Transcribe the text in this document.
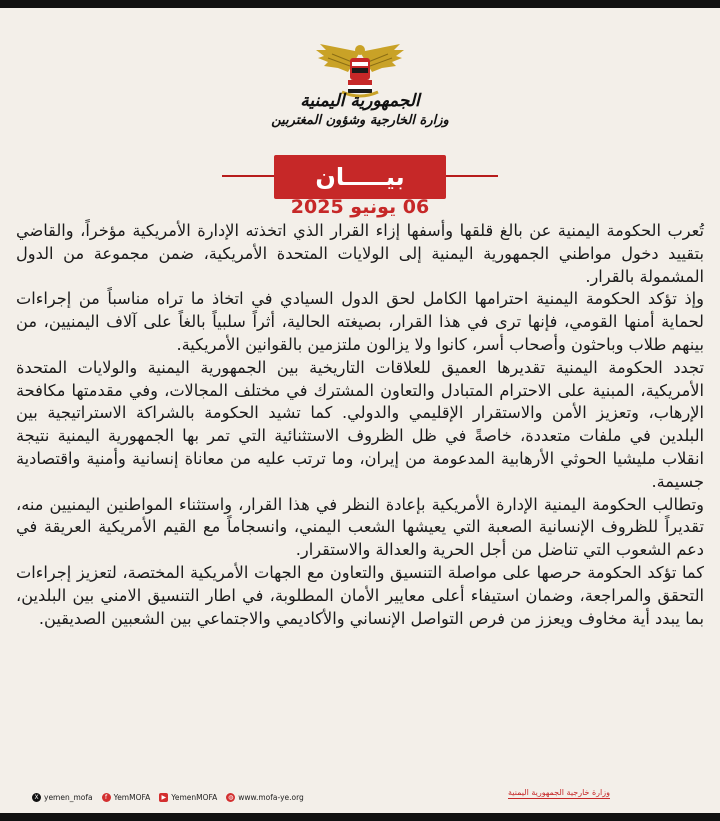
الجمهورية اليمنية
وزارة الخارجية وشؤون المغتربين
بيـــــان
06 يونيو 2025

تُعرب الحكومة اليمنية عن بالغ قلقها وأسفها إزاء القرار الذي اتخذته الإدارة الأمريكية مؤخراً، والقاضي بتقييد دخول مواطني الجمهورية اليمنية إلى الولايات المتحدة الأمريكية، ضمن مجموعة من الدول المشمولة بالقرار.

وإذ تؤكد الحكومة اليمنية احترامها الكامل لحق الدول السيادي في اتخاذ ما تراه مناسباً من إجراءات لحماية أمنها القومي، فإنها ترى في هذا القرار، بصيغته الحالية، أثراً سلبياً بالغاً على آلاف اليمنيين، من بينهم طلاب وباحثون وأصحاب أسر، كانوا ولا يزالون ملتزمين بالقوانين الأمريكية.

تجدد الحكومة اليمنية تقديرها العميق للعلاقات التاريخية بين الجمهورية اليمنية والولايات المتحدة الأمريكية، المبنية على الاحترام المتبادل والتعاون المشترك في مختلف المجالات، وفي مقدمتها مكافحة الإرهاب، وتعزيز الأمن والاستقرار الإقليمي والدولي. كما تشيد الحكومة بالشراكة الاستراتيجية بين البلدين في ملفات متعددة، خاصةً في ظل الظروف الاستثنائية التي تمر بها الجمهورية اليمنية نتيجة انقلاب مليشيا الحوثي الأرهابية المدعومة من إيران، وما ترتب عليه من معاناة إنسانية وأمنية واقتصادية جسيمة.

وتطالب الحكومة اليمنية الإدارة الأمريكية بإعادة النظر في هذا القرار، واستثناء المواطنين اليمنيين منه، تقديراً للظروف الإنسانية الصعبة التي يعيشها الشعب اليمني، وانسجاماً مع القيم الأمريكية العريقة في دعم الشعوب التي تناضل من أجل الحرية والعدالة والاستقرار.

كما تؤكد الحكومة حرصها على مواصلة التنسيق والتعاون مع الجهات الأمريكية المختصة، لتعزيز إجراءات التحقق والمراجعة، وضمان استيفاء أعلى معايير الأمان المطلوبة، في اطار التنسيق الامني بين البلدين، بما يبدد أية مخاوف ويعزز من فرص التواصل الإنساني والأكاديمي والاجتماعي بين الشعبين الصديقين.

X yemen_mofa	f YemMOFA	▶ YemenMOFA	◍ www.mofa-ye.org	وزارة خارجية الجمهورية اليمنية
